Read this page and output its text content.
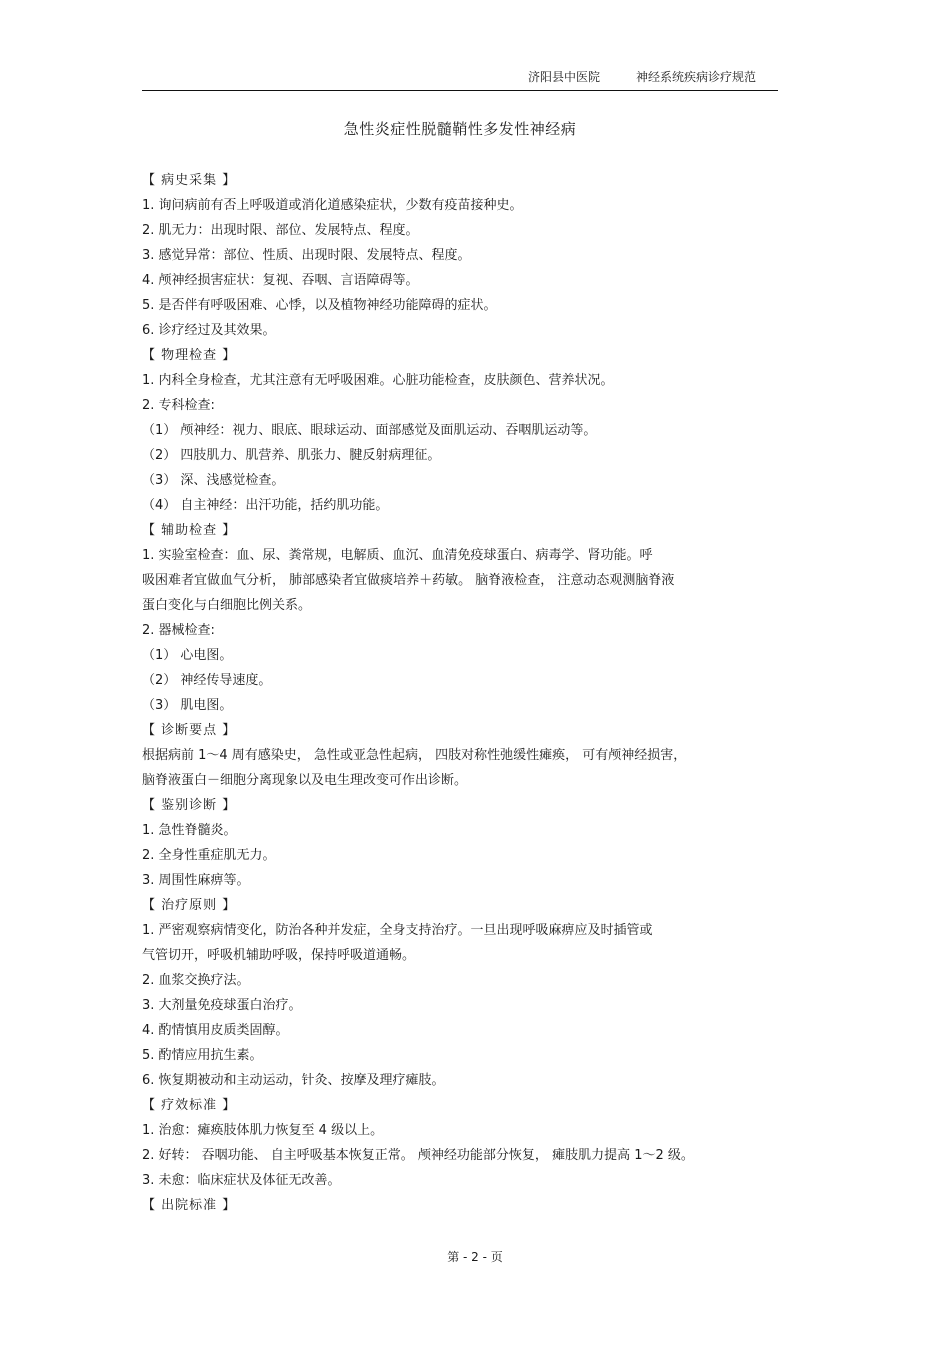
济阳县中医院	神经系统疾病诊疗规范
急性炎症性脱髓鞘性多发性神经病
【 病史采集 】
1. 询问病前有否上呼吸道或消化道感染症状，少数有疫苗接种史。
2. 肌无力：出现时限、部位、发展特点、程度。
3. 感觉异常：部位、性质、出现时限、发展特点、程度。
4. 颅神经损害症状：复视、吞咽、言语障碍等。
5. 是否伴有呼吸困难、心悸，以及植物神经功能障碍的症状。
6. 诊疗经过及其效果。
【 物理检查 】
1. 内科全身检查，尤其注意有无呼吸困难。心脏功能检查，皮肤颜色、营养状况。
2. 专科检查:
（1） 颅神经：视力、眼底、眼球运动、面部感觉及面肌运动、吞咽肌运动等。
（2） 四肢肌力、肌营养、肌张力、腱反射病理征。
（3） 深、浅感觉检查。
（4） 自主神经：出汗功能，括约肌功能。
【 辅助检查 】
1. 实验室检查：血、尿、粪常规，电解质、血沉、血清免疫球蛋白、病毒学、肾功能。呼
吸困难者宜做血气分析， 肺部感染者宜做痰培养＋药敏。 脑脊液检查， 注意动态观测脑脊液
蛋白变化与白细胞比例关系。
2. 器械检查:
（1） 心电图。
（2） 神经传导速度。
（3） 肌电图。
【 诊断要点 】
根据病前 1～4 周有感染史， 急性或亚急性起病， 四肢对称性弛缓性瘫痪， 可有颅神经损害，
脑脊液蛋白－细胞分离现象以及电生理改变可作出诊断。
【 鉴别诊断 】
1. 急性脊髓炎。
2. 全身性重症肌无力。
3. 周围性麻痹等。
【 治疗原则 】
1. 严密观察病情变化，防治各种并发症，全身支持治疗。一旦出现呼吸麻痹应及时插管或
气管切开，呼吸机辅助呼吸，保持呼吸道通畅。
2. 血浆交换疗法。
3. 大剂量免疫球蛋白治疗。
4. 酌情慎用皮质类固醇。
5. 酌情应用抗生素。
6. 恢复期被动和主动运动，针灸、按摩及理疗瘫肢。
【 疗效标准 】
1. 治愈：瘫痪肢体肌力恢复至 4 级以上。
2. 好转： 吞咽功能、 自主呼吸基本恢复正常。 颅神经功能部分恢复， 瘫肢肌力提高 1～2 级。
3. 未愈：临床症状及体征无改善。
【 出院标准 】
第 - 2 - 页
